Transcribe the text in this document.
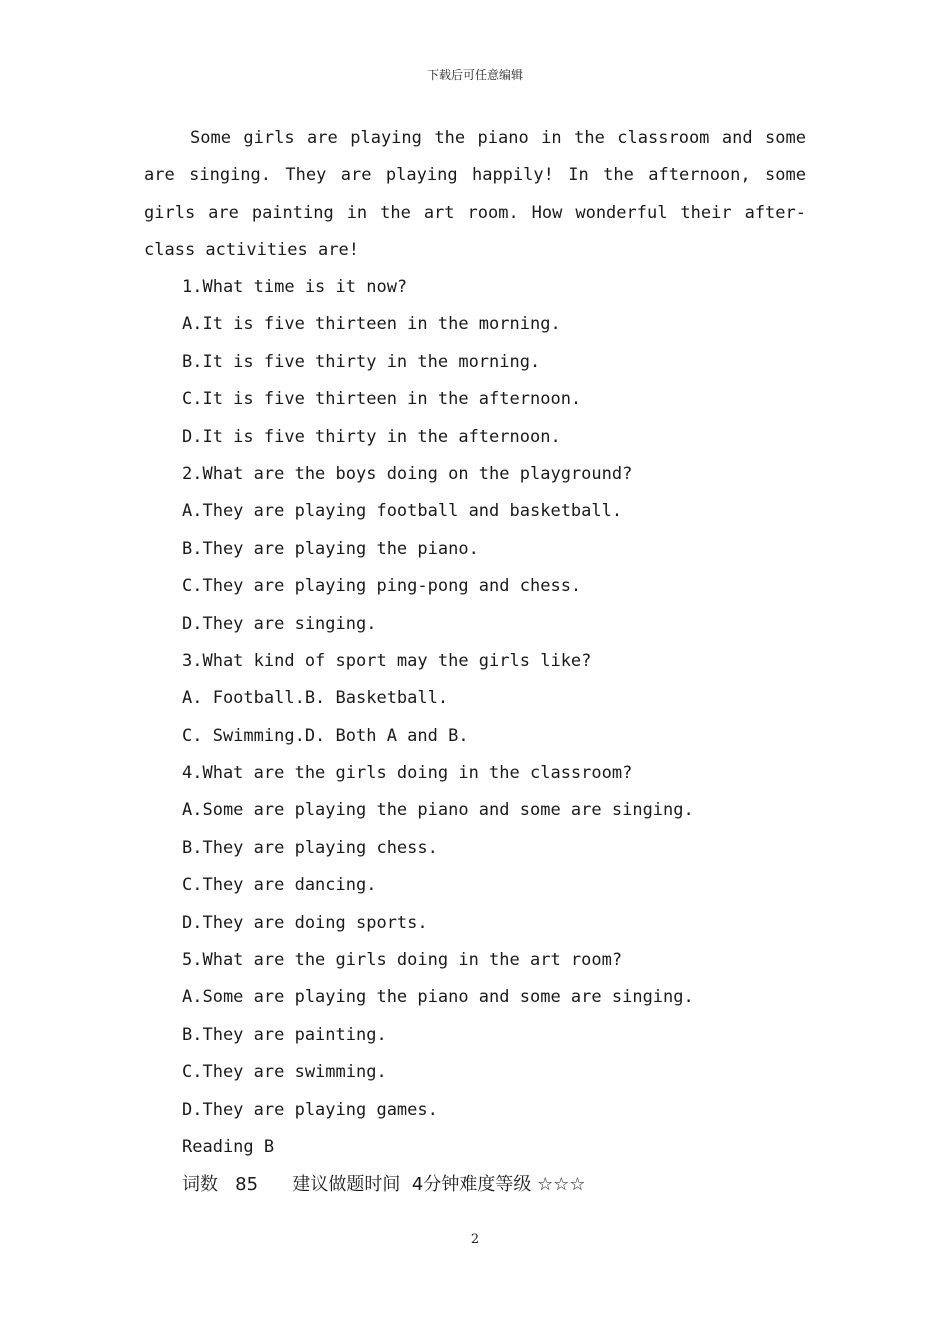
下载后可任意编辑

Some girls are playing the piano in the classroom and some are singing. They are playing happily! In the afternoon, some girls are painting in the art room. How wonderful their after-class activities are!

1.What time is it now?
A.It is five thirteen in the morning.
B.It is five thirty in the morning.
C.It is five thirteen in the afternoon.
D.It is five thirty in the afternoon.
2.What are the boys doing on the playground?
A.They are playing football and basketball.
B.They are playing the piano.
C.They are playing ping-pong and chess.
D.They are singing.
3.What kind of sport may the girls like?
A. Football.B. Basketball.
C. Swimming.D. Both A and B.
4.What are the girls doing in the classroom?
A.Some are playing the piano and some are singing.
B.They are playing chess.
C.They are dancing.
D.They are doing sports.
5.What are the girls doing in the art room?
A.Some are playing the piano and some are singing.
B.They are painting.
C.They are swimming.
D.They are playing games.
Reading B
词数 85 建议做题时间 4分钟难度等级 ☆☆☆
2
